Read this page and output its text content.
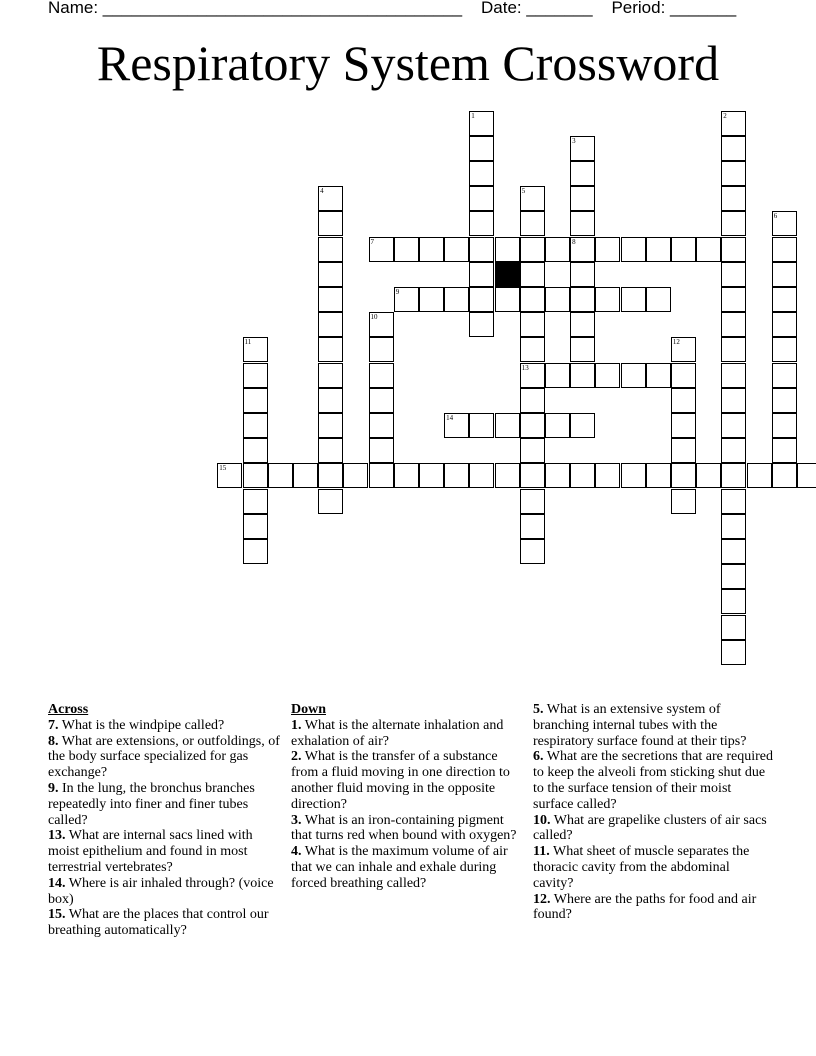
Name: ______________________________________ Date: _______ Period: _______
Respiratory System Crossword
1	2
3
8
4	5
13
6
7
9
10
11	12
14
15
Across

7. What is the windpipe called?

8. What are extensions, or outfoldings, of the body surface specialized for gas exchange?

9. In the lung, the bronchus branches repeatedly into finer and finer tubes called?

13. What are internal sacs lined with moist epithelium and found in most terrestrial vertebrates?

14. Where is air inhaled through? (voice box)

15. What are the places that control our breathing automatically?

Down

1. What is the alternate inhalation and exhalation of air?

2. What is the transfer of a substance from a fluid moving in one direction to another fluid moving in the opposite direction?

3. What is an iron-containing pigment that turns red when bound with oxygen?

4. What is the maximum volume of air that we can inhale and exhale during forced breathing called?

5. What is an extensive system of branching internal tubes with the respiratory surface found at their tips?

6. What are the secretions that are required to keep the alveoli from sticking shut due to the surface tension of their moist surface called?

10. What are grapelike clusters of air sacs called?

11. What sheet of muscle separates the thoracic cavity from the abdominal cavity?

12. Where are the paths for food and air found?
